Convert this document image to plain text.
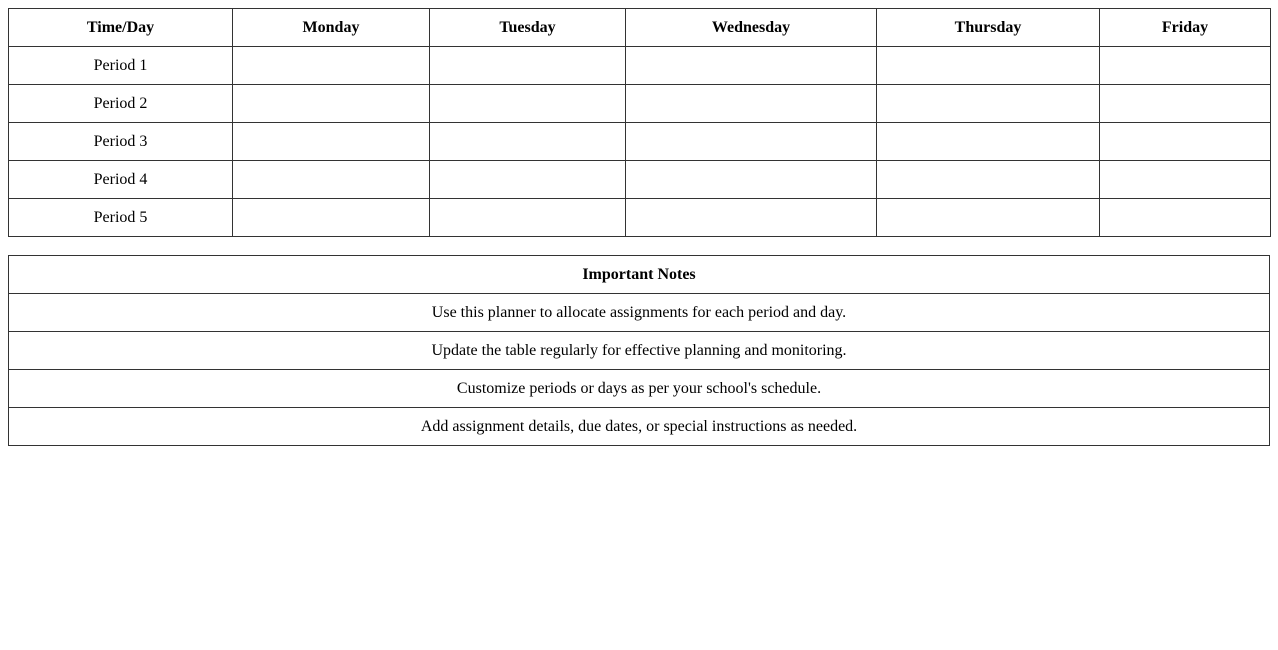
Time/Day	Monday	Tuesday	Wednesday	Thursday	Friday
Period 1					
Period 2					
Period 3					
Period 4					
Period 5					
Important Notes
Use this planner to allocate assignments for each period and day.
Update the table regularly for effective planning and monitoring.
Customize periods or days as per your school's schedule.
Add assignment details, due dates, or special instructions as needed.
